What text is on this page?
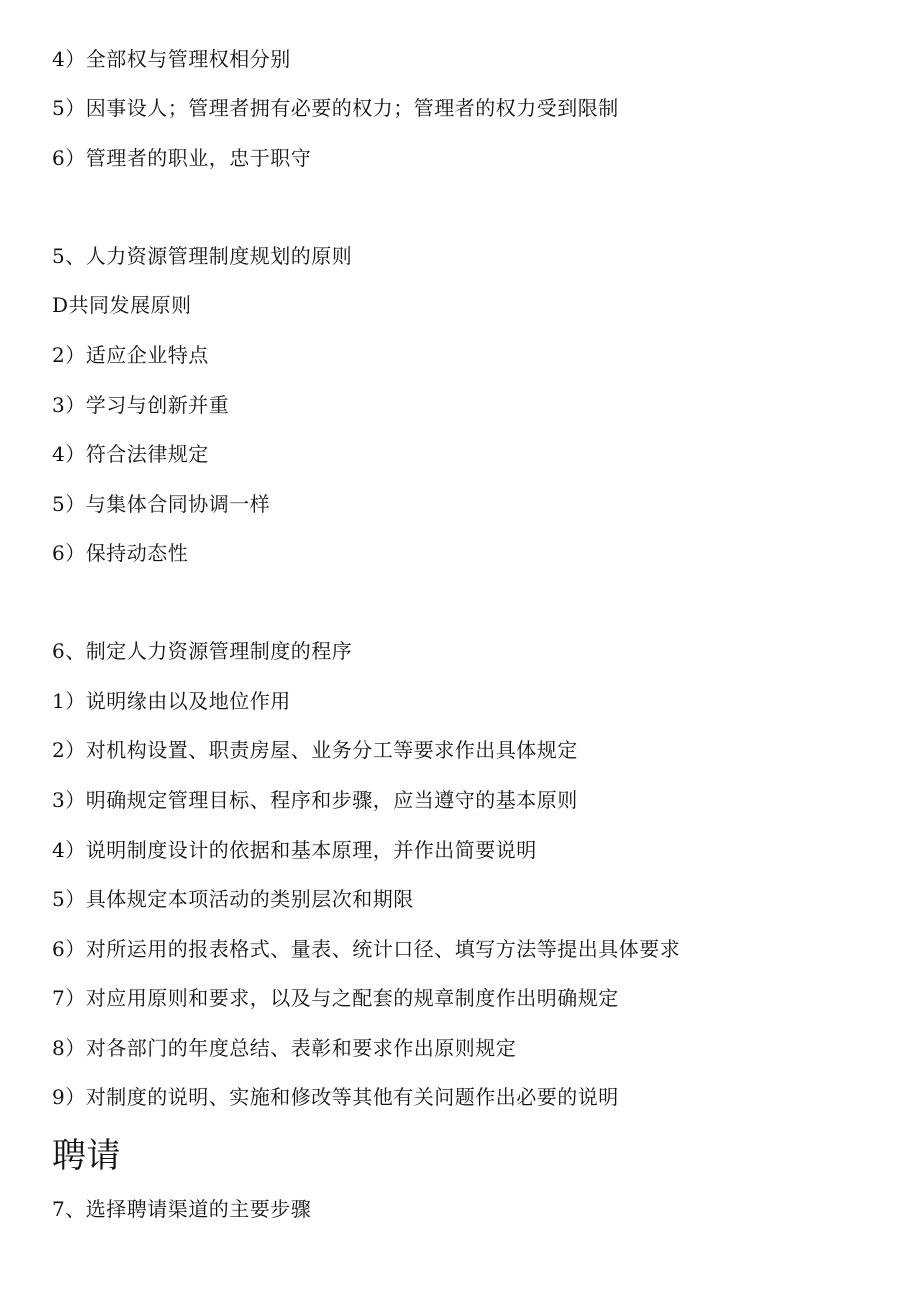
4）全部权与管理权相分别
5）因事设人；管理者拥有必要的权力；管理者的权力受到限制
6）管理者的职业，忠于职守
5、人力资源管理制度规划的原则
D共同发展原则
2）适应企业特点
3）学习与创新并重
4）符合法律规定
5）与集体合同协调一样
6）保持动态性
6、制定人力资源管理制度的程序
1）说明缘由以及地位作用
2）对机构设置、职责房屋、业务分工等要求作出具体规定
3）明确规定管理目标、程序和步骤，应当遵守的基本原则
4）说明制度设计的依据和基本原理，并作出简要说明
5）具体规定本项活动的类别层次和期限
6）对所运用的报表格式、量表、统计口径、填写方法等提出具体要求
7）对应用原则和要求，以及与之配套的规章制度作出明确规定
8）对各部门的年度总结、表彰和要求作出原则规定
9）对制度的说明、实施和修改等其他有关问题作出必要的说明
聘请
7、选择聘请渠道的主要步骤
